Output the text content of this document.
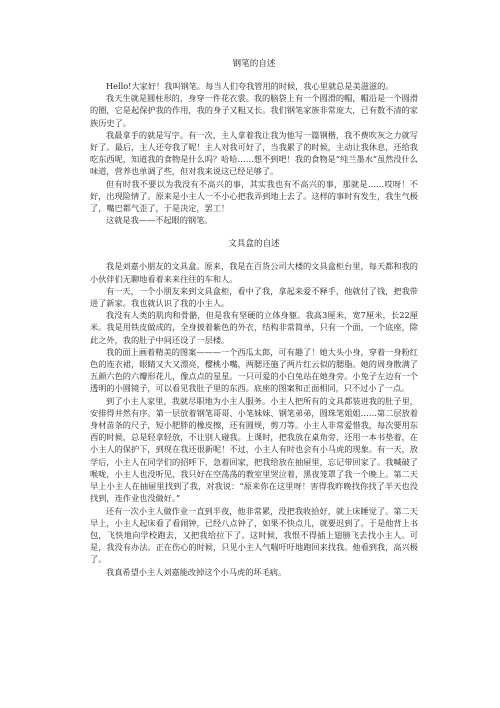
钢笔的自述

Hello!大家好！我叫钢笔。每当人们夸我管用的时候，我心里就总是美滋滋的。

我天生就是圆柱形的，身穿一件花衣裳。我的脑袋上有一个圆滑的帽，帽沿是一个圆滑的圈，它是起保护我的作用，我的身子又粗又长。我们钢笔家族非常庞大，已有数不清的家族历史了。

我最拿手的就是写字。有一次，主人拿着我让我为他写一篇钢楷，我不费吹灰之力就写好了。最后，主人还夸我了呢！主人对我可好了，当我累了的时候，主动让我休息，还给我吃东西呢，知道我的食物是什么吗？哈哈……想不到吧！我的食物是“纯兰墨水”虽然没什么味道，营养也单调了些，但对我来说这已经足够了。

但有时我不要以为我没有不高兴的事，其实我也有不高兴的事，那就是……哎呀！不好，出现险情了。原来是小主人一不小心把我弄到地上去了。这样的事时有发生，我生气极了，嘴巴都气歪了，于是决定，罢工！

这就是我——不起眼的钢笔。

文具盒的自述

我是刘嘉小朋友的文具盒。原来，我是在百货公司大楼的文具盒柜台里，每天都和我的小伙伴们无聊地看着来来往往的车和人。

有一天，一个小朋友来到文具盒柜，看中了我，拿起来爱不释手，他就付了钱，把我带进了新家。我也就认识了我的小主人。

我没有人类的肌肉和骨骼，但是我有坚硬的立体身躯。我高3厘米，宽7厘米，长22厘米。我是用铁皮做成的，全身披着紫色的外衣，结构非常简单，只有一个面，一个底座，除此之外，我的肚子中间还设了一层楼。

我的面上画着精美的图案———一个西瓜太郎，可有趣了！她大头小身，穿着一身粉红色的连衣裙，眼睛又大又漂亮，樱桃小嘴，两腮还施了两片红云似的腮脂。她的周身散满了五颜六色的六瓣形花儿，像点点的星星。一只可爱的小白兔站在她身旁。小兔子左边有一个透明的小圆镜子，可以看见我肚子里的东西。底座的图案和正面相同，只不过小了一点。

到了小主人家里，我就尽职地为小主人服务。小主人把所有的文具都装进我的肚子里，安排得井然有序。第一层放着钢笔哥哥、小笔妹妹、钢笔弟弟，圆珠笔姐姐……第二层放着身材苗条的尺子，短小肥胖的橡皮擦，还有圆规，剪刀等。小主人非常爱惜我，每次要用东西的时候，总是轻拿轻放，不让别人碰我。上课时，把我放在桌角旁，还用一本书垫着，在小主人的保护下，到现在我还很新呢！不过，小主人有时也会有小马虎的现象。有一天，放学后，小主人在同学们的招呼下，急着回家，把我给放在抽屉里，忘记带回家了。我喊破了喉咙，小主人也没听见，我只好在空荡荡的教室里哭泣着，黑夜笼罩了我一个晚上。第二天早上小主人在抽屉里找到了我，对我说：“原来你在这里呀！害得我昨晚找你找了半天也没找到，连作业也没做好。”

还有一次小主人做作业一直到半夜，他非常累，没把我收拾好，就上床睡觉了。第二天早上，小主人起床看了看闹钟，已经八点钟了，如果不快点儿，就要迟到了。于是他背上书包，飞快地向学校跑去，又把我给拉下了。这时候，我恨不得插上翅膀飞去找小主人。可是，我没有办法。正在伤心的时候，只见小主人气喘吁吁地跑回来找我。他看到我，高兴极了。

我真希望小主人刘嘉能改掉这个小马虎的坏毛病。
